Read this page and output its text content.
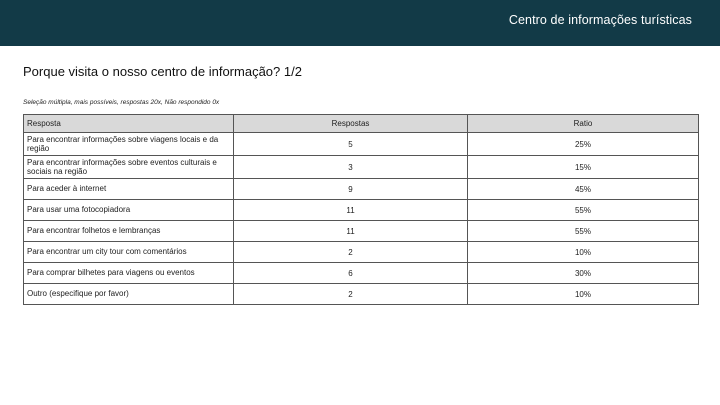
Centro de informações turísticas
Porque visita o nosso centro de informação? 1/2
Seleção múltipla, mais possíveis, respostas 20x, Não respondido 0x
Resposta	Respostas	Ratio
Para encontrar informações sobre viagens locais e da região	5	25%
Para encontrar informações sobre eventos culturais e sociais na região	3	15%
Para aceder à internet	9	45%
Para usar uma fotocopiadora	11	55%
Para encontrar folhetos e lembranças	11	55%
Para encontrar um city tour com comentários	2	10%
Para comprar bilhetes para viagens ou eventos	6	30%
Outro (especifique por favor)	2	10%
